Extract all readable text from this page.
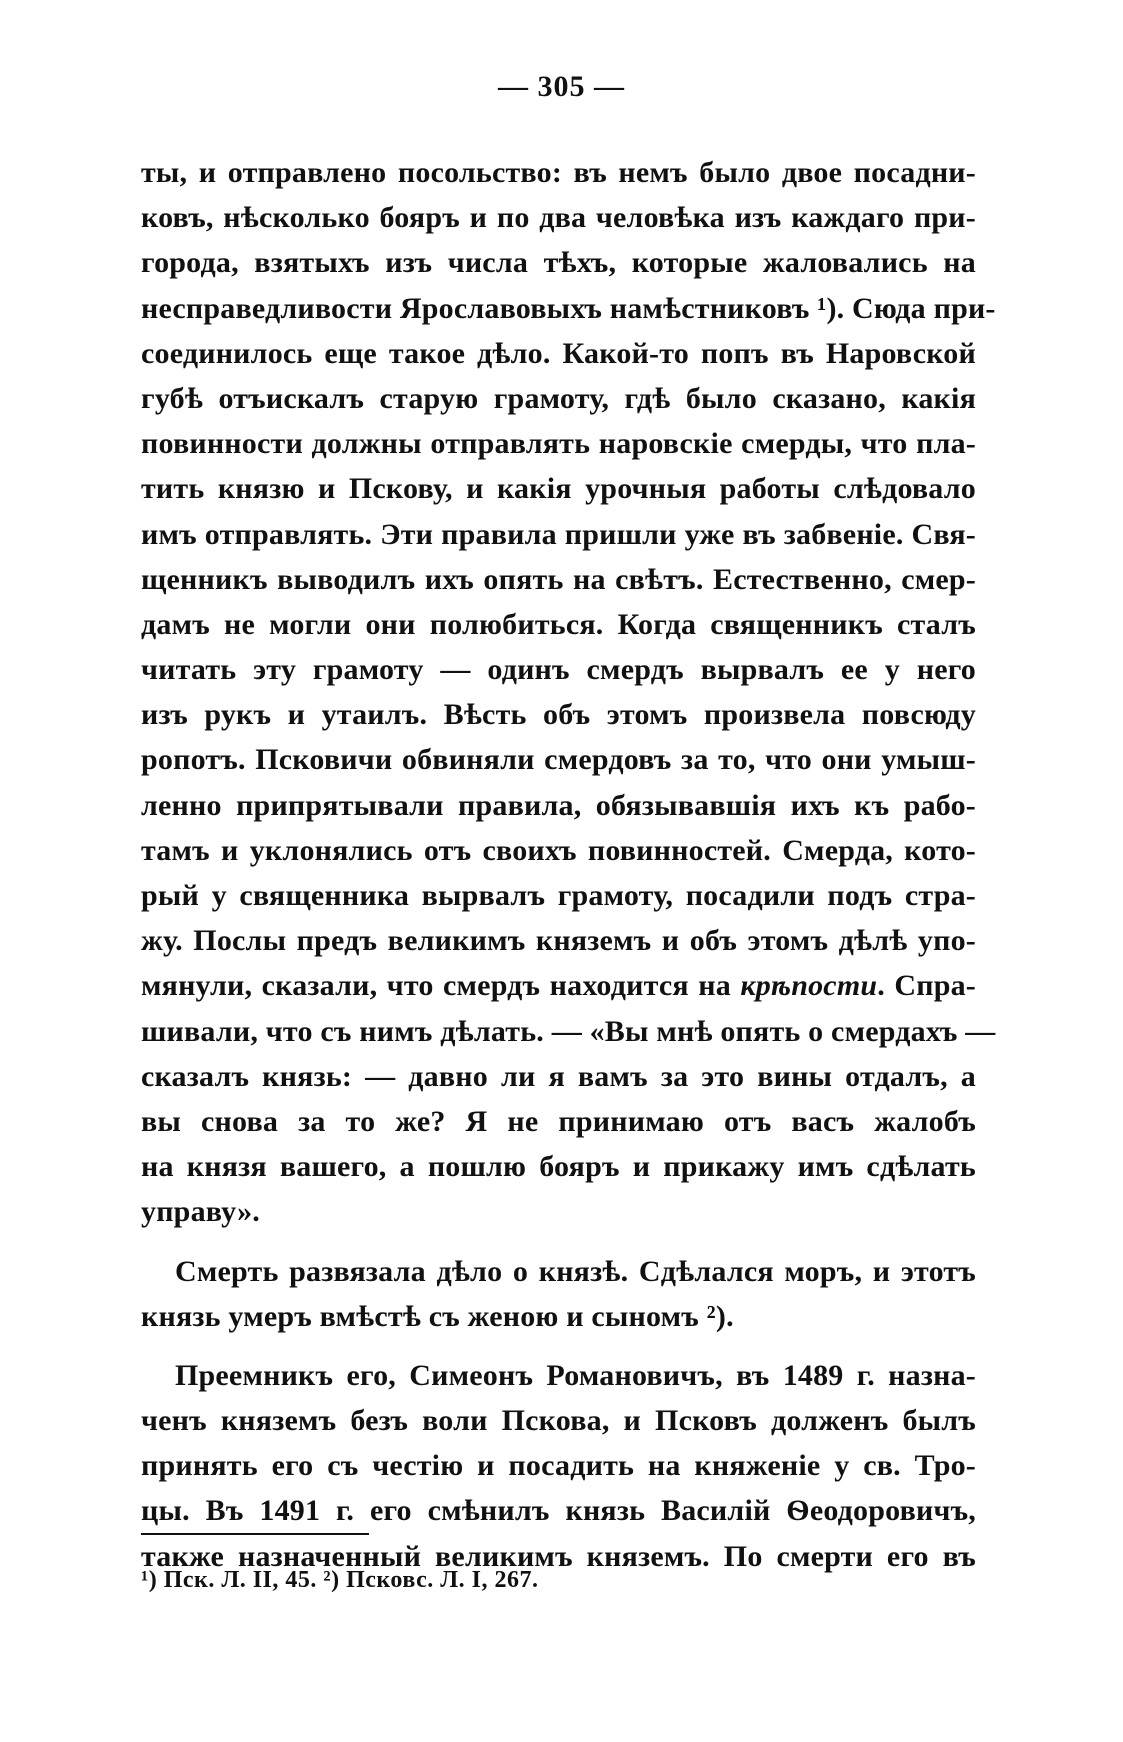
— 305 —
ты, и отправлено посольство: въ немъ было двое посадни-
ковъ, нѣсколько бояръ и по два человѣка изъ каждаго при-
города, взятыхъ изъ числа тѣхъ, которые жаловались на
несправедливости Ярославовыхъ намѣстниковъ ¹). Сюда при-
соединилось еще такое дѣло. Какой-то попъ въ Наровской
губѣ отъискалъ старую грамоту, гдѣ было сказано, какія
повинности должны отправлять наровскіе смерды, что пла-
тить князю и Пскову, и какія урочныя работы слѣдовало
имъ отправлять. Эти правила пришли уже въ забвеніе. Свя-
щенникъ выводилъ ихъ опять на свѣтъ. Естественно, смер-
дамъ не могли они полюбиться. Когда священникъ сталъ
читать эту грамоту — одинъ смердъ вырвалъ ее у него
изъ рукъ и утаилъ. Вѣсть объ этомъ произвела повсюду
ропотъ. Псковичи обвиняли смердовъ за то, что они умыш-
ленно припрятывали правила, обязывавшія ихъ къ рабо-
тамъ и уклонялись отъ своихъ повинностей. Смерда, кото-
рый у священника вырвалъ грамоту, посадили подъ стра-
жу. Послы предъ великимъ княземъ и объ этомъ дѣлѣ упо-
мянули, сказали, что смердъ находится на крѣпости. Спра-
шивали, что съ нимъ дѣлать. — «Вы мнѣ опять о смердахъ —
сказалъ князь: — давно ли я вамъ за это вины отдалъ, а
вы снова за то же? Я не принимаю отъ васъ жалобъ
на князя вашего, а пошлю бояръ и прикажу имъ сдѣлать
управу».
Смерть развязала дѣло о князѣ. Сдѣлался моръ, и этотъ
князь умеръ вмѣстѣ съ женою и сыномъ ²).
Преемникъ его, Симеонъ Романовичъ, въ 1489 г. назна-
ченъ княземъ безъ воли Пскова, и Псковъ долженъ былъ
принять его съ честію и посадить на княженіе у св. Тро-
цы. Въ 1491 г. его смѣнилъ князь Василій Ѳеодоровичъ,
также назначенный великимъ княземъ. По смерти его въ
¹) Пск. Л. II, 45. ²) Псковс. Л. I, 267.
